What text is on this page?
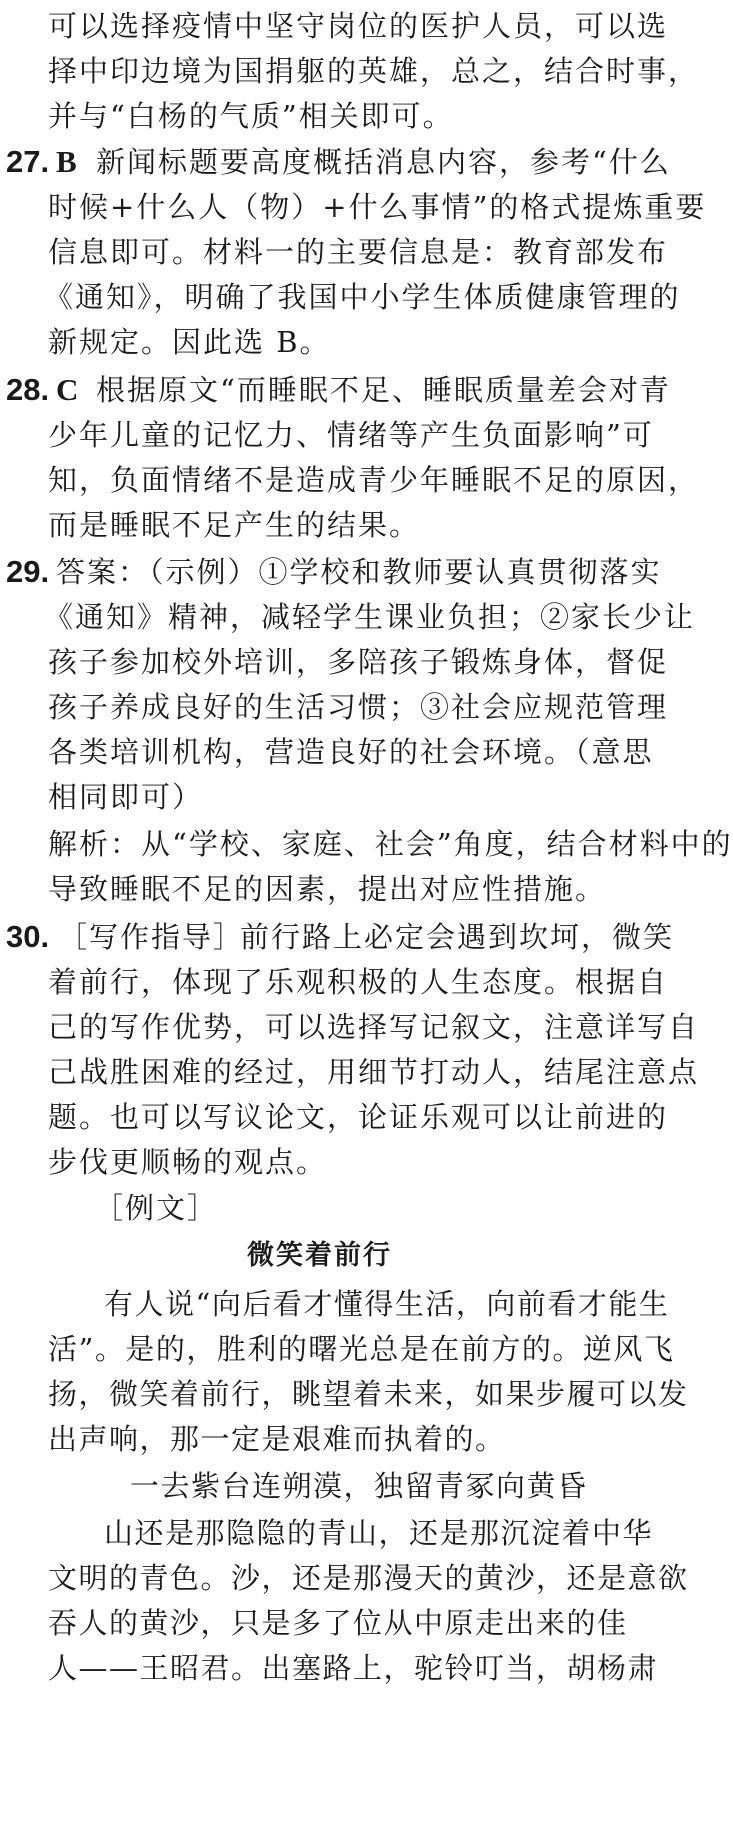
可以选择疫情中坚守岗位的医护人员，可以选
择中印边境为国捐躯的英雄，总之，结合时事，
并与“白杨的气质”相关即可。
27. B 新闻标题要高度概括消息内容，参考“什么
时候+什么人（物）+什么事情”的格式提炼重要
信息即可。材料一的主要信息是：教育部发布
《通知》，明确了我国中小学生体质健康管理的
新规定。因此选 B。
28. C 根据原文“而睡眠不足、睡眠质量差会对青
少年儿童的记忆力、情绪等产生负面影响”可
知，负面情绪不是造成青少年睡眠不足的原因，
而是睡眠不足产生的结果。
29. 答案：（示例）①学校和教师要认真贯彻落实
《通知》精神，减轻学生课业负担；②家长少让
孩子参加校外培训，多陪孩子锻炼身体，督促
孩子养成良好的生活习惯；③社会应规范管理
各类培训机构，营造良好的社会环境。（意思
相同即可）
解析：从“学校、家庭、社会”角度，结合材料中的
导致睡眠不足的因素，提出对应性措施。
30. ［写作指导］
前行路上必定会遇到坎坷，微笑
着前行，体现了乐观积极的人生态度。根据自
己的写作优势，可以选择写记叙文，注意详写自
己战胜困难的经过，用细节打动人，结尾注意点
题。也可以写议论文，论证乐观可以让前进的
步伐更顺畅的观点。
［例文］
微笑着前行
有人说“向后看才懂得生活，向前看才能生
活”。是的，胜利的曙光总是在前方的。逆风飞
扬，微笑着前行，眺望着未来，如果步履可以发
出声响，那一定是艰难而执着的。
一去紫台连朔漠，独留青冢向黄昏
山还是那隐隐的青山，还是那沉淀着中华
文明的青色。沙，还是那漫天的黄沙，还是意欲
吞人的黄沙，只是多了位从中原走出来的佳
人——王昭君。出塞路上，驼铃叮当，胡杨肃
